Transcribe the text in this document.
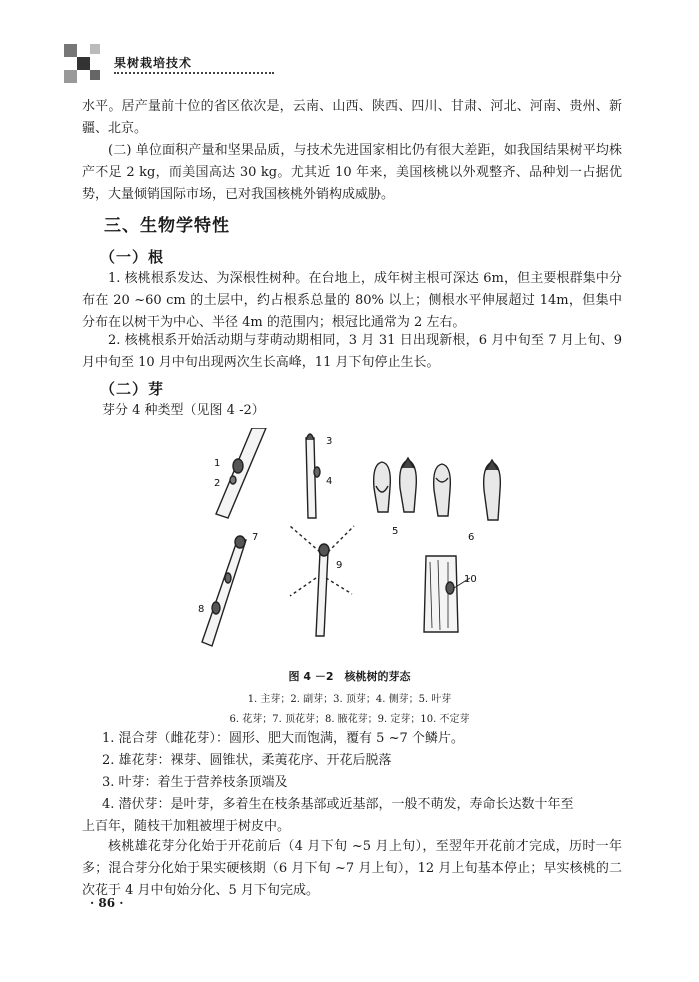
果树栽培技术
水平。居产量前十位的省区依次是，云南、山西、陕西、四川、甘肃、河北、河南、贵州、新疆、北京。
(二) 单位面积产量和坚果品质，与技术先进国家相比仍有很大差距，如我国结果树平均株产不足 2 kg，而美国高达 30 kg。尤其近 10 年来，美国核桃以外观整齐、品种划一占据优势，大量倾销国际市场，已对我国核桃外销构成威胁。
三、生物学特性
（一）根
1. 核桃根系发达、为深根性树种。在台地上，成年树主根可深达 6m，但主要根群集中分布在 20 ~60 cm 的土层中，约占根系总量的 80% 以上；侧根水平伸展超过 14m，但集中分布在以树干为中心、半径 4m 的范围内；根冠比通常为 2 左右。
2. 核桃根系开始活动期与芽萌动期相同，3 月 31 日出现新根，6 月中旬至 7 月上旬、9 月中旬至 10 月中旬出现两次生长高峰，11 月下旬停止生长。
（二）芽
芽分 4 种类型（见图 4 -2）
1
2
3
4
5
6
7
8
9
10
图 4 －2　核桃树的芽态
1. 主芽；2. 副芽；3. 顶芽；4. 侧芽；5. 叶芽
6. 花芽；7. 顶花芽；8. 腋花芽；9. 定芽；10. 不定芽
1. 混合芽（雌花芽）：圆形、肥大而饱满，覆有 5 ~7 个鳞片。
2. 雄花芽：裸芽、圆锥状，柔荑花序、开花后脱落
3. 叶芽：着生于营养枝条顶端及
4. 潜伏芽：是叶芽，多着生在枝条基部或近基部，一般不萌发，寿命长达数十年至
上百年，随枝干加粗被埋于树皮中。
核桃雄花芽分化始于开花前后（4 月下旬 ~5 月上旬），至翌年开花前才完成，历时一年多；混合芽分化始于果实硬核期（6 月下旬 ~7 月上旬），12 月上旬基本停止；早实核桃的二次花于 4 月中旬始分化、5 月下旬完成。
· 86 ·
